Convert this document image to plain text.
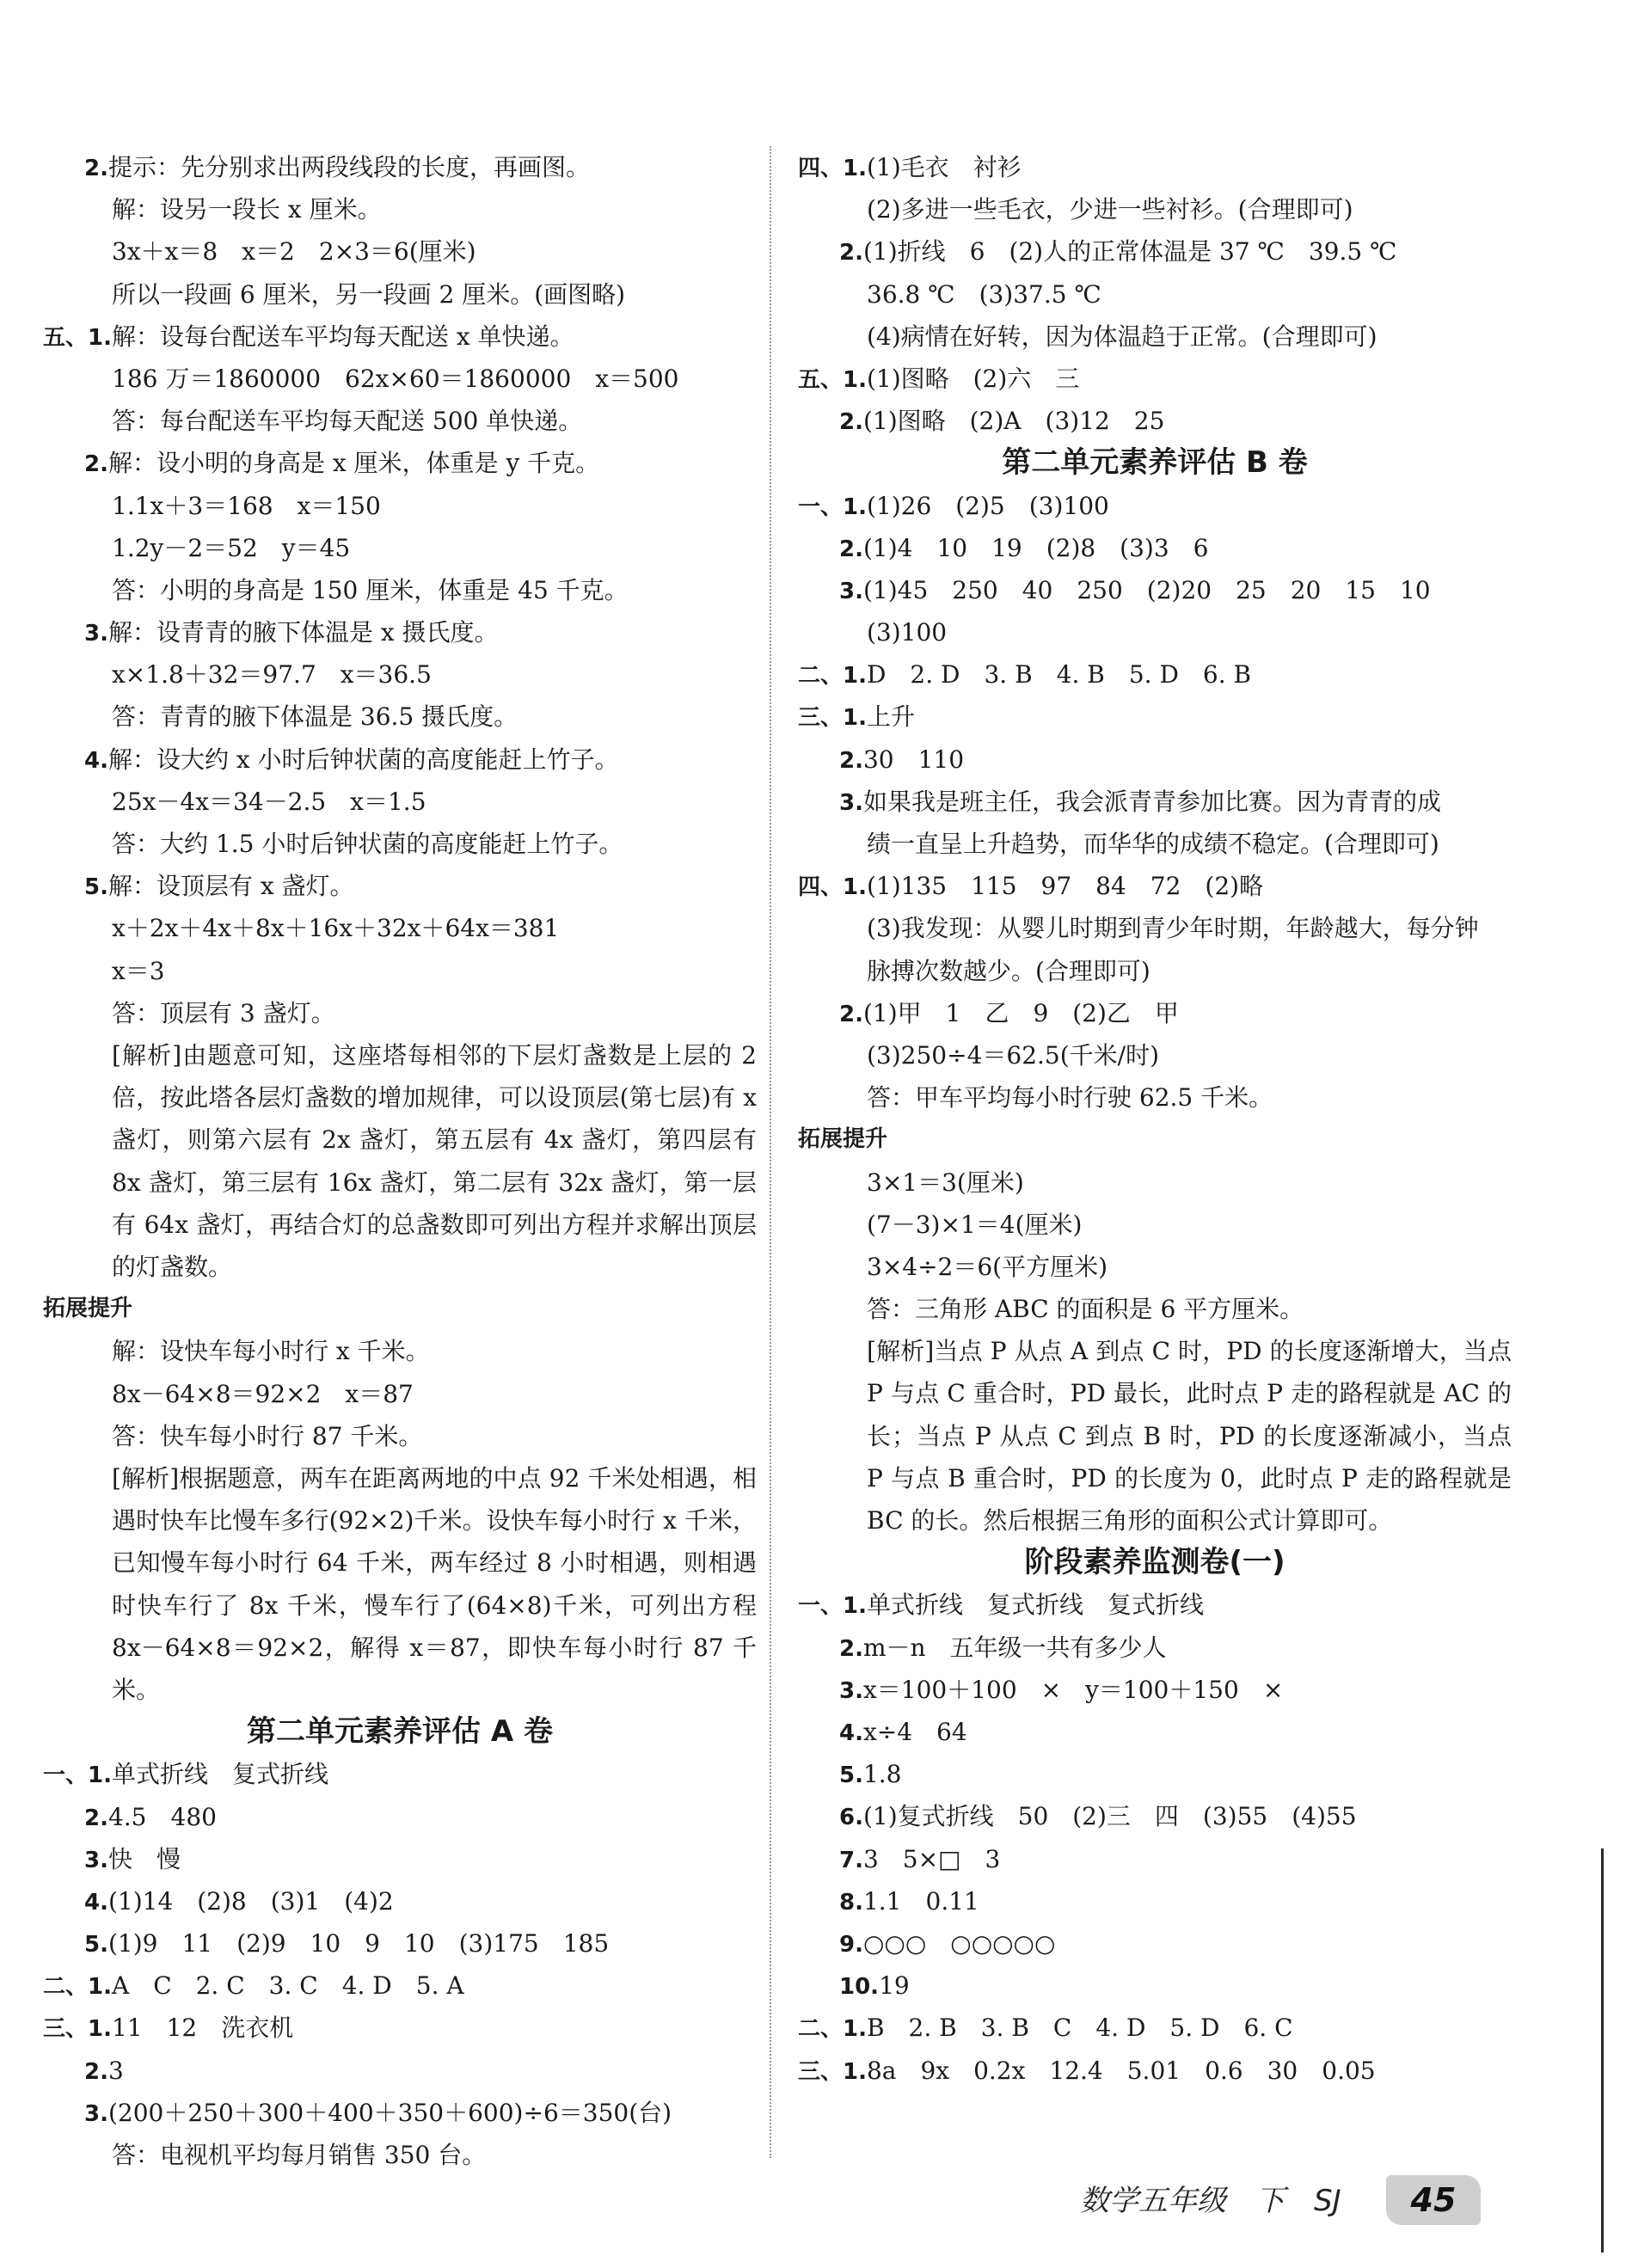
2.提示：先分别求出两段线段的长度，再画图。
解：设另一段长 x 厘米。
3x＋x＝8　x＝2　2×3＝6(厘米)
所以一段画 6 厘米，另一段画 2 厘米。(画图略)
五、1.解：设每台配送车平均每天配送 x 单快递。
186 万＝1860000　62x×60＝1860000　x＝500
答：每台配送车平均每天配送 500 单快递。
2.解：设小明的身高是 x 厘米，体重是 y 千克。
1.1x＋3＝168　x＝150
1.2y－2＝52　y＝45
答：小明的身高是 150 厘米，体重是 45 千克。
3.解：设青青的腋下体温是 x 摄氏度。
x×1.8＋32＝97.7　x＝36.5
答：青青的腋下体温是 36.5 摄氏度。
4.解：设大约 x 小时后钟状菌的高度能赶上竹子。
25x－4x＝34－2.5　x＝1.5
答：大约 1.5 小时后钟状菌的高度能赶上竹子。
5.解：设顶层有 x 盏灯。
x＋2x＋4x＋8x＋16x＋32x＋64x＝381
x＝3
答：顶层有 3 盏灯。
[解析]由题意可知，这座塔每相邻的下层灯盏数是上层的 2 倍，按此塔各层灯盏数的增加规律，可以设顶层(第七层)有 x 盏灯，则第六层有 2x 盏灯，第五层有 4x 盏灯，第四层有 8x 盏灯，第三层有 16x 盏灯，第二层有 32x 盏灯，第一层有 64x 盏灯，再结合灯的总盏数即可列出方程并求解出顶层的灯盏数。
拓展提升
解：设快车每小时行 x 千米。
8x－64×8＝92×2　x＝87
答：快车每小时行 87 千米。
[解析]根据题意，两车在距离两地的中点 92 千米处相遇，相遇时快车比慢车多行(92×2)千米。设快车每小时行 x 千米，已知慢车每小时行 64 千米，两车经过 8 小时相遇，则相遇时快车行了 8x 千米，慢车行了(64×8)千米，可列出方程 8x－64×8＝92×2，解得 x＝87，即快车每小时行 87 千米。
第二单元素养评估 A 卷
一、1.单式折线　复式折线
2.4.5　480
3.快　慢
4.(1)14　(2)8　(3)1　(4)2
5.(1)9　11　(2)9　10　9　10　(3)175　185
二、1.A　C　2. C　3. C　4. D　5. A
三、1.11　12　洗衣机
2.3
3.(200＋250＋300＋400＋350＋600)÷6＝350(台)
答：电视机平均每月销售 350 台。
四、1.(1)毛衣　衬衫
(2)多进一些毛衣，少进一些衬衫。(合理即可)
2.(1)折线　6　(2)人的正常体温是 37 ℃　39.5 ℃
36.8 ℃　(3)37.5 ℃
(4)病情在好转，因为体温趋于正常。(合理即可)
五、1.(1)图略　(2)六　三
2.(1)图略　(2)A　(3)12　25
第二单元素养评估 B 卷
一、1.(1)26　(2)5　(3)100
2.(1)4　10　19　(2)8　(3)3　6
3.(1)45　250　40　250　(2)20　25　20　15　10
(3)100
二、1.D　2. D　3. B　4. B　5. D　6. B
三、1.上升
2.30　110
3.如果我是班主任，我会派青青参加比赛。因为青青的成
绩一直呈上升趋势，而华华的成绩不稳定。(合理即可)
四、1.(1)135　115　97　84　72　(2)略
(3)我发现：从婴儿时期到青少年时期，年龄越大，每分钟
脉搏次数越少。(合理即可)
2.(1)甲　1　乙　9　(2)乙　甲
(3)250÷4＝62.5(千米/时)
答：甲车平均每小时行驶 62.5 千米。
拓展提升
3×1＝3(厘米)
(7－3)×1＝4(厘米)
3×4÷2＝6(平方厘米)
答：三角形 ABC 的面积是 6 平方厘米。
[解析]当点 P 从点 A 到点 C 时，PD 的长度逐渐增大，当点 P 与点 C 重合时，PD 最长，此时点 P 走的路程就是 AC 的长；当点 P 从点 C 到点 B 时，PD 的长度逐渐减小，当点 P 与点 B 重合时，PD 的长度为 0，此时点 P 走的路程就是 BC 的长。然后根据三角形的面积公式计算即可。
阶段素养监测卷(一)
一、1.单式折线　复式折线　复式折线
2.m－n　五年级一共有多少人
3.x＝100＋100　×　y＝100＋150　×
4.x÷4　64
5.1.8
6.(1)复式折线　50　(2)三　四　(3)55　(4)55
7.3　5×□　3
8.1.1　0.11
9.○○○　○○○○○
10.19
二、1.B　2. B　3. B　C　4. D　5. D　6. C
三、1.8a　9x　0.2x　12.4　5.01　0.6　30　0.05
数学五年级　下　SJ	45
